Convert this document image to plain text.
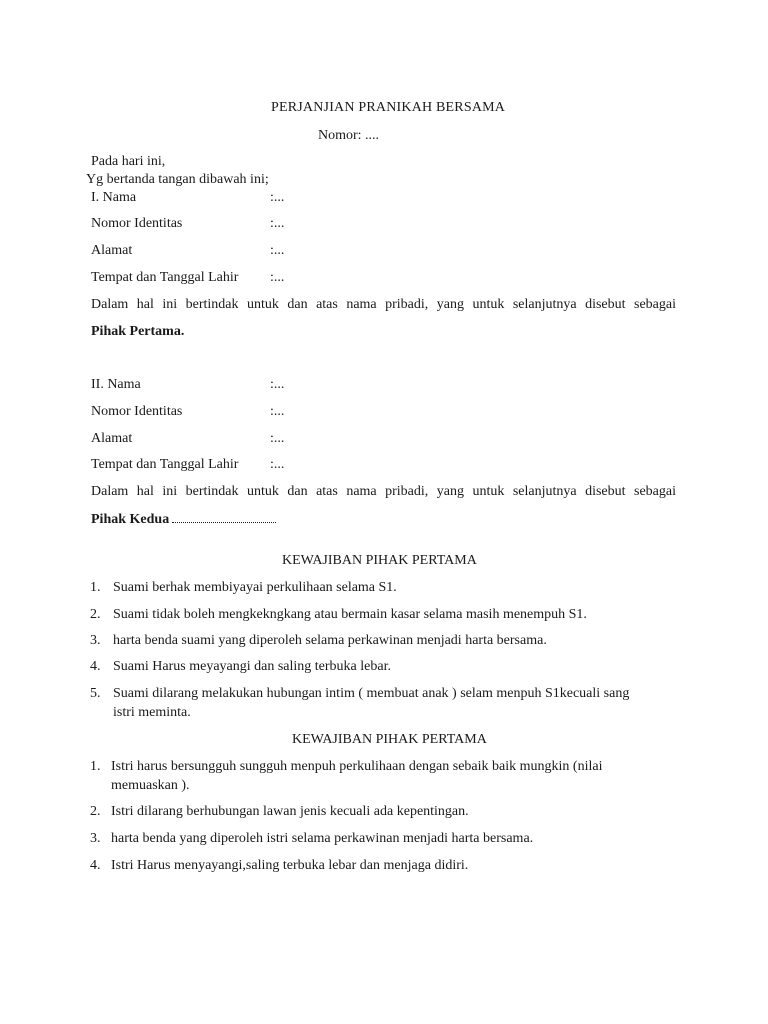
PERJANJIAN PRANIKAH BERSAMA
Nomor: ....
Pada hari ini,
Yg bertanda tangan dibawah ini;
I. Nama	:...
Nomor Identitas	:...
Alamat	:...
Tempat dan Tanggal Lahir :...
Dalam hal ini bertindak untuk dan atas nama pribadi, yang untuk selanjutnya disebut sebagai
Pihak Pertama.
II. Nama	:...
Nomor Identitas	:...
Alamat	:...
Tempat dan Tanggal Lahir :...
Dalam hal ini bertindak untuk dan atas nama pribadi, yang untuk selanjutnya disebut sebagai
Pihak Kedua
KEWAJIBAN PIHAK PERTAMA
1. Suami berhak membiyayai perkulihaan selama S1.
2. Suami tidak boleh mengkekngkang atau bermain kasar selama masih menempuh S1.
3. harta benda suami yang diperoleh selama perkawinan menjadi harta bersama.
4. Suami Harus meyayangi dan saling terbuka lebar.
5. Suami dilarang melakukan hubungan intim ( membuat anak ) selam menpuh S1kecuali sang
istri meminta.
KEWAJIBAN PIHAK PERTAMA
1. Istri harus bersungguh sungguh menpuh perkulihaan dengan sebaik baik mungkin (nilai
memuaskan ).
2. Istri dilarang berhubungan lawan jenis kecuali ada kepentingan.
3. harta benda yang diperoleh istri selama perkawinan menjadi harta bersama.
4. Istri Harus menyayangi,saling terbuka lebar dan menjaga didiri.
